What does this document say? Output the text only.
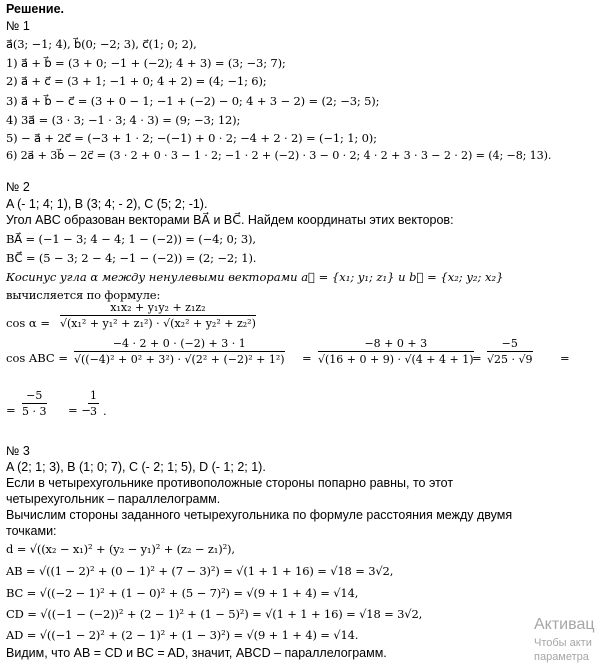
Решение.
№ 1
a⃗(3; −1; 4), b⃗(0; −2; 3), c⃗(1; 0; 2),
1) a⃗ + b⃗ = (3 + 0; −1 + (−2); 4 + 3) = (3; −3; 7);
2) a⃗ + c⃗ = (3 + 1; −1 + 0; 4 + 2) = (4; −1; 6);
3) a⃗ + b⃗ − c⃗ = (3 + 0 − 1; −1 + (−2) − 0; 4 + 3 − 2) = (2; −3; 5);
4) 3a⃗ = (3 · 3; −1 · 3; 4 · 3) = (9; −3; 12);
5) − a⃗ + 2c⃗ = (−3 + 1 · 2; −(−1) + 0 · 2; −4 + 2 · 2) = (−1; 1; 0);
6) 2a⃗ + 3b⃗ − 2c⃗ = (3 · 2 + 0 · 3 − 1 · 2; −1 · 2 + (−2) · 3 − 0 · 2; 4 · 2 + 3 · 3 − 2 · 2) = (4; −8; 13).
№ 2
A (- 1; 4; 1), B (3; 4; - 2), C (5; 2; -1).
Угол ABC образован векторами BA⃗ и BC⃗. Найдем координаты этих векторов:
BA⃗ = (−1 − 3; 4 − 4; 1 − (−2)) = (−4; 0; 3),
BC⃗ = (5 − 3; 2 − 4; −1 − (−2)) = (2; −2; 1).
Косинус угла α между ненулевыми векторами a⃗ = {x₁; y₁; z₁} и b⃗ = {x₂; y₂; x₂}
вычисляется по формуле:
$\cos \alpha = \frac{\text{x₁x₂ + y₁y₂ + z₁z₂}}{\text{√(x₁² + y₁² + z₁²) · √(x₂² + y₂² + z₂²)}}$
cos ABC = $\frac{-4 \cdot 2 + 0 \cdot (-2) + 3 \cdot 1}{\text{√((−4)² + 0² + 3²) · √(2² + (−2)² + 1²)}} = \frac{-8 + 0 + 3}{√(16 + 0 + 9) \cdot √(4 + 4 + 1)}$
= $\frac{-5}{√25 \cdot √9}$ =
= $\frac{-5}{5 \cdot 3}$ = −
$\frac{1}{3}$ .
№ 3
A (2; 1; 3), B (1; 0; 7), C (- 2; 1; 5), D (- 1; 2; 1).
Если в четырехугольнике противоположные стороны попарно равны, то этот
четырехугольник – параллелограмм.
Вычислим стороны заданного четырехугольника по формуле расстояния между двумя
точками:
d = √((x₂ − x₁)² + (y₂ − y₁)² + (z₂ − z₁)²),
AB = √((1 − 2)² + (0 − 1)² + (7 − 3)²) = √(1 + 1 + 16) = √18 = 3√2,
BC = √((−2 − 1)² + (1 − 0)² + (5 − 7)²) = √(9 + 1 + 4) = √14,
CD = √((−1 − (−2))² + (2 − 1)² + (1 − 5)²) = √(1 + 1 + 16) = √18 = 3√2,
AD = √((−1 − 2)² + (2 − 1)² + (1 − 3)²) = √(9 + 1 + 4) = √14.
Видим, что AB = CD и BC = AD, значит, ABCD – параллелограмм.
Активац
Чтобы акти
параметра
